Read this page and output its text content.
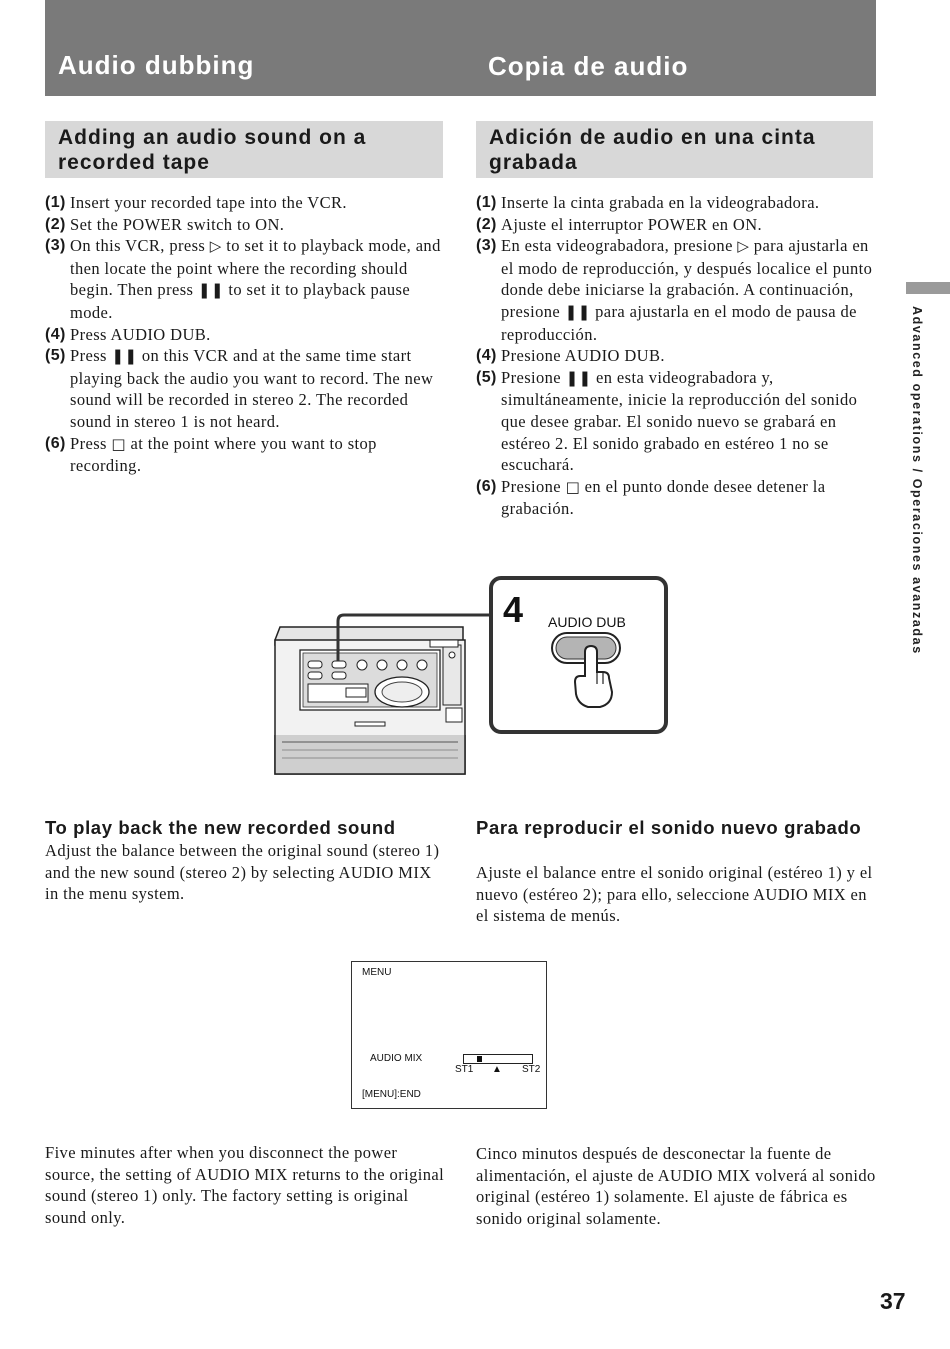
Audio dubbing	Copia de audio
Adding an audio sound on a recorded tape
Adición de audio en una cinta grabada
(1) Insert your recorded tape into the VCR.
(2) Set the POWER switch to ON.
(3) On this VCR, press ▷ to set it to playback mode, and then locate the point where the recording should begin. Then press ❚❚ to set it to playback pause mode.
(4) Press AUDIO DUB.
(5) Press ❚❚ on this VCR and at the same time start playing back the audio you want to record. The new sound will be recorded in stereo 2. The recorded sound in stereo 1 is not heard.
(6) Press □ at the point where you want to stop recording.
(1) Inserte la cinta grabada en la videograbadora.
(2) Ajuste el interruptor POWER en ON.
(3) En esta videograbadora, presione ▷ para ajustarla en el modo de reproducción, y después localice el punto donde debe iniciarse la grabación. A continuación, presione ❚❚ para ajustarla en el modo de pausa de reproducción.
(4) Presione AUDIO DUB.
(5) Presione ❚❚ en esta videograbadora y, simultáneamente, inicie la reproducción del sonido que desee grabar. El sonido nuevo se grabará en estéreo 2. El sonido grabado en estéreo 1 no se escuchará.
(6) Presione □ en el punto donde desee detener la grabación.	Advanced operations / Operaciones avanzadas
4 AUDIO DUB
To play back the new recorded sound

Adjust the balance between the original sound (stereo 1) and the new sound (stereo 2) by selecting AUDIO MIX in the menu system.

Para reproducir el sonido nuevo grabado

Ajuste el balance entre el sonido original (estéreo 1) y el nuevo (estéreo 2); para ello, seleccione AUDIO MIX en el sistema de menús.

MENU
AUDIO MIX
ST1 ▲ ST2
[MENU]:END

Five minutes after when you disconnect the power source, the setting of AUDIO MIX returns to the original sound (stereo 1) only. The factory setting is original sound only.

Cinco minutos después de desconectar la fuente de alimentación, el ajuste de AUDIO MIX volverá al sonido original (estéreo 1) solamente. El ajuste de fábrica es sonido original solamente.

37
